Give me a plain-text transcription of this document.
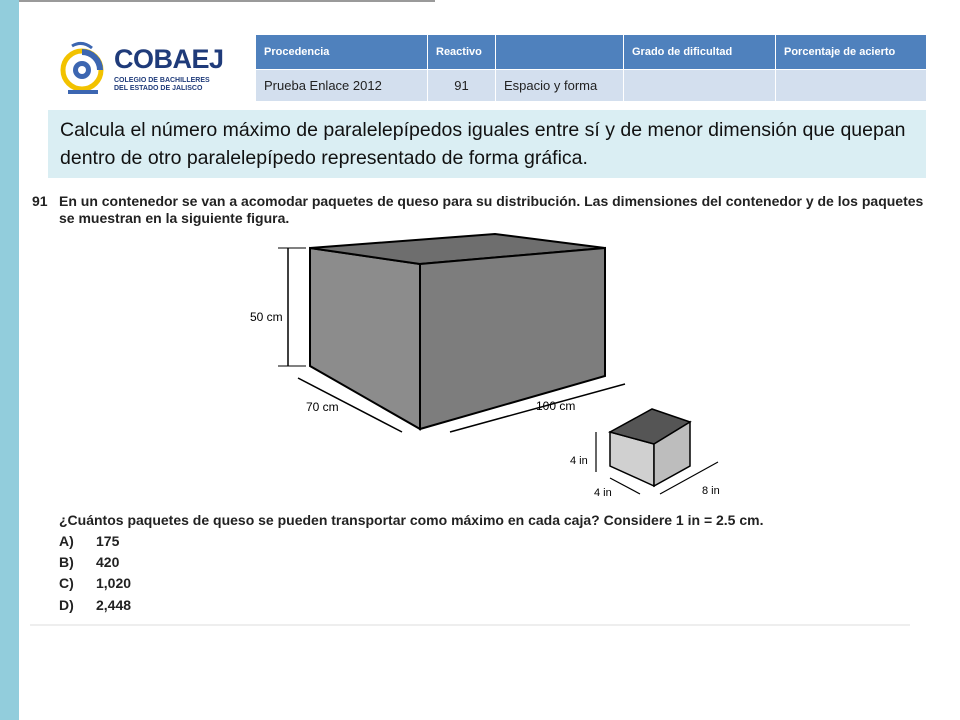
COBAEJ
COLEGIO DE BACHILLERES DEL ESTADO DE JALISCO
Procedencia	Reactivo		Grado de dificultad	Porcentaje de acierto
Prueba Enlace 2012	91	Espacio y forma		
Calcula el número máximo de paralelepípedos iguales entre sí y de menor dimensión que quepan dentro de otro paralelepípedo representado de forma gráfica.
91 En un contenedor se van a acomodar paquetes de queso para su distribución. Las dimensiones del contenedor y de los paquetes se muestran en la siguiente figura.
50 cm
70 cm	100 cm
4 in
4 in	8 in
¿Cuántos paquetes de queso se pueden transportar como máximo en cada caja? Considere 1 in = 2.5 cm.
A) 175
B) 420
C) 1,020
D) 2,448
